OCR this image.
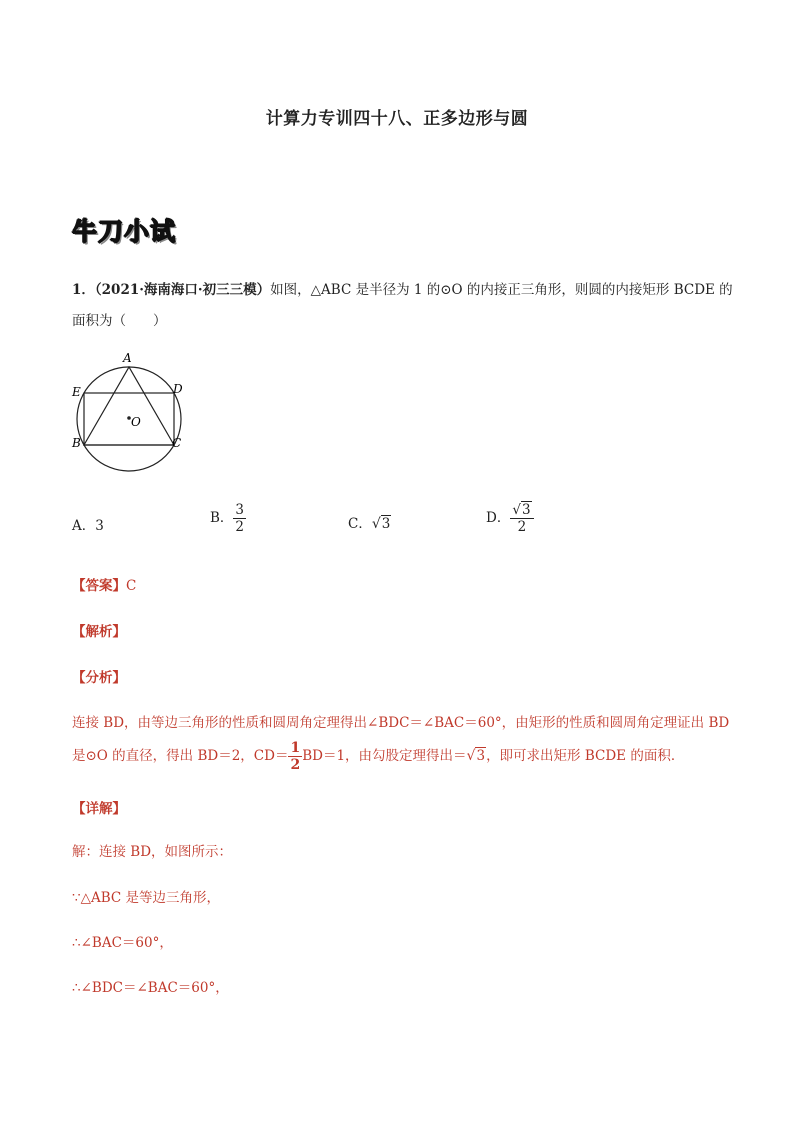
计算力专训四十八、正多边形与圆
牛刀小试
1．（2021·海南海口·初三三模）如图，△ABC 是半径为 1 的⊙O 的内接正三角形，则圆的内接矩形 BCDE 的
面积为（　　）
A
E	D
B	C
O
A．3	B． $\frac{3}{2}$	C．√3	D． $\frac{√3}{2}$
【答案】C
【解析】
【分析】
连接 BD，由等边三角形的性质和圆周角定理得出∠BDC＝∠BAC＝60°，由矩形的性质和圆周角定理证出 BD
是⊙O 的直径，得出 BD＝2，$CD= \frac{1}{2} BD=1$，由勾股定理得出＝√3，即可求出矩形 BCDE 的面积．
【详解】
解：连接 BD，如图所示：
∵△ABC 是等边三角形，
∴∠BAC＝60°，
∴∠BDC＝∠BAC＝60°，
